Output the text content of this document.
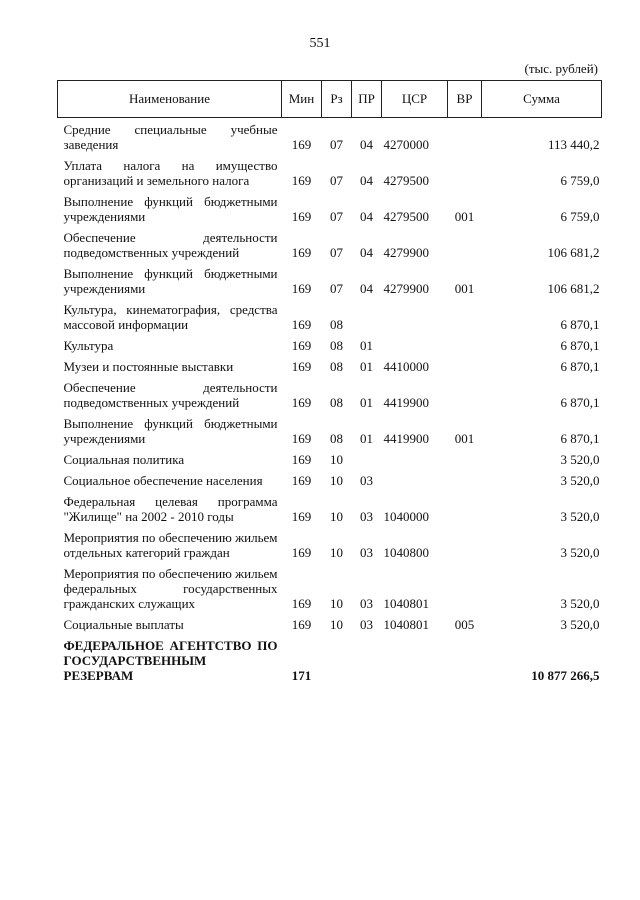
551
(тыс. рублей)
Наименование	Мин	Рз	ПР	ЦСР	ВР	Сумма
Средние специальные учебные заведения	169	07	04	4270000		113 440,2
Уплата налога на имущество организаций и земельного налога	169	07	04	4279500		6 759,0
Выполнение функций бюджетными учреждениями	169	07	04	4279500	001	6 759,0
Обеспечение деятельности подведомственных учреждений	169	07	04	4279900		106 681,2
Выполнение функций бюджетными учреждениями	169	07	04	4279900	001	106 681,2
Культура, кинематография, средства массовой информации	169	08				6 870,1
Культура	169	08	01			6 870,1
Музеи и постоянные выставки	169	08	01	4410000		6 870,1
Обеспечение деятельности подведомственных учреждений	169	08	01	4419900		6 870,1
Выполнение функций бюджетными учреждениями	169	08	01	4419900	001	6 870,1
Социальная политика	169	10				3 520,0
Социальное обеспечение населения	169	10	03			3 520,0
Федеральная целевая программа "Жилище" на 2002 - 2010 годы	169	10	03	1040000		3 520,0
Мероприятия по обеспечению жильем отдельных категорий граждан	169	10	03	1040800		3 520,0
Мероприятия по обеспечению жильем федеральных государственных гражданских служащих	169	10	03	1040801		3 520,0
Социальные выплаты	169	10	03	1040801	005	3 520,0
ФЕДЕРАЛЬНОЕ АГЕНТСТВО ПО ГОСУДАРСТВЕННЫМ РЕЗЕРВАМ	171					10 877 266,5
